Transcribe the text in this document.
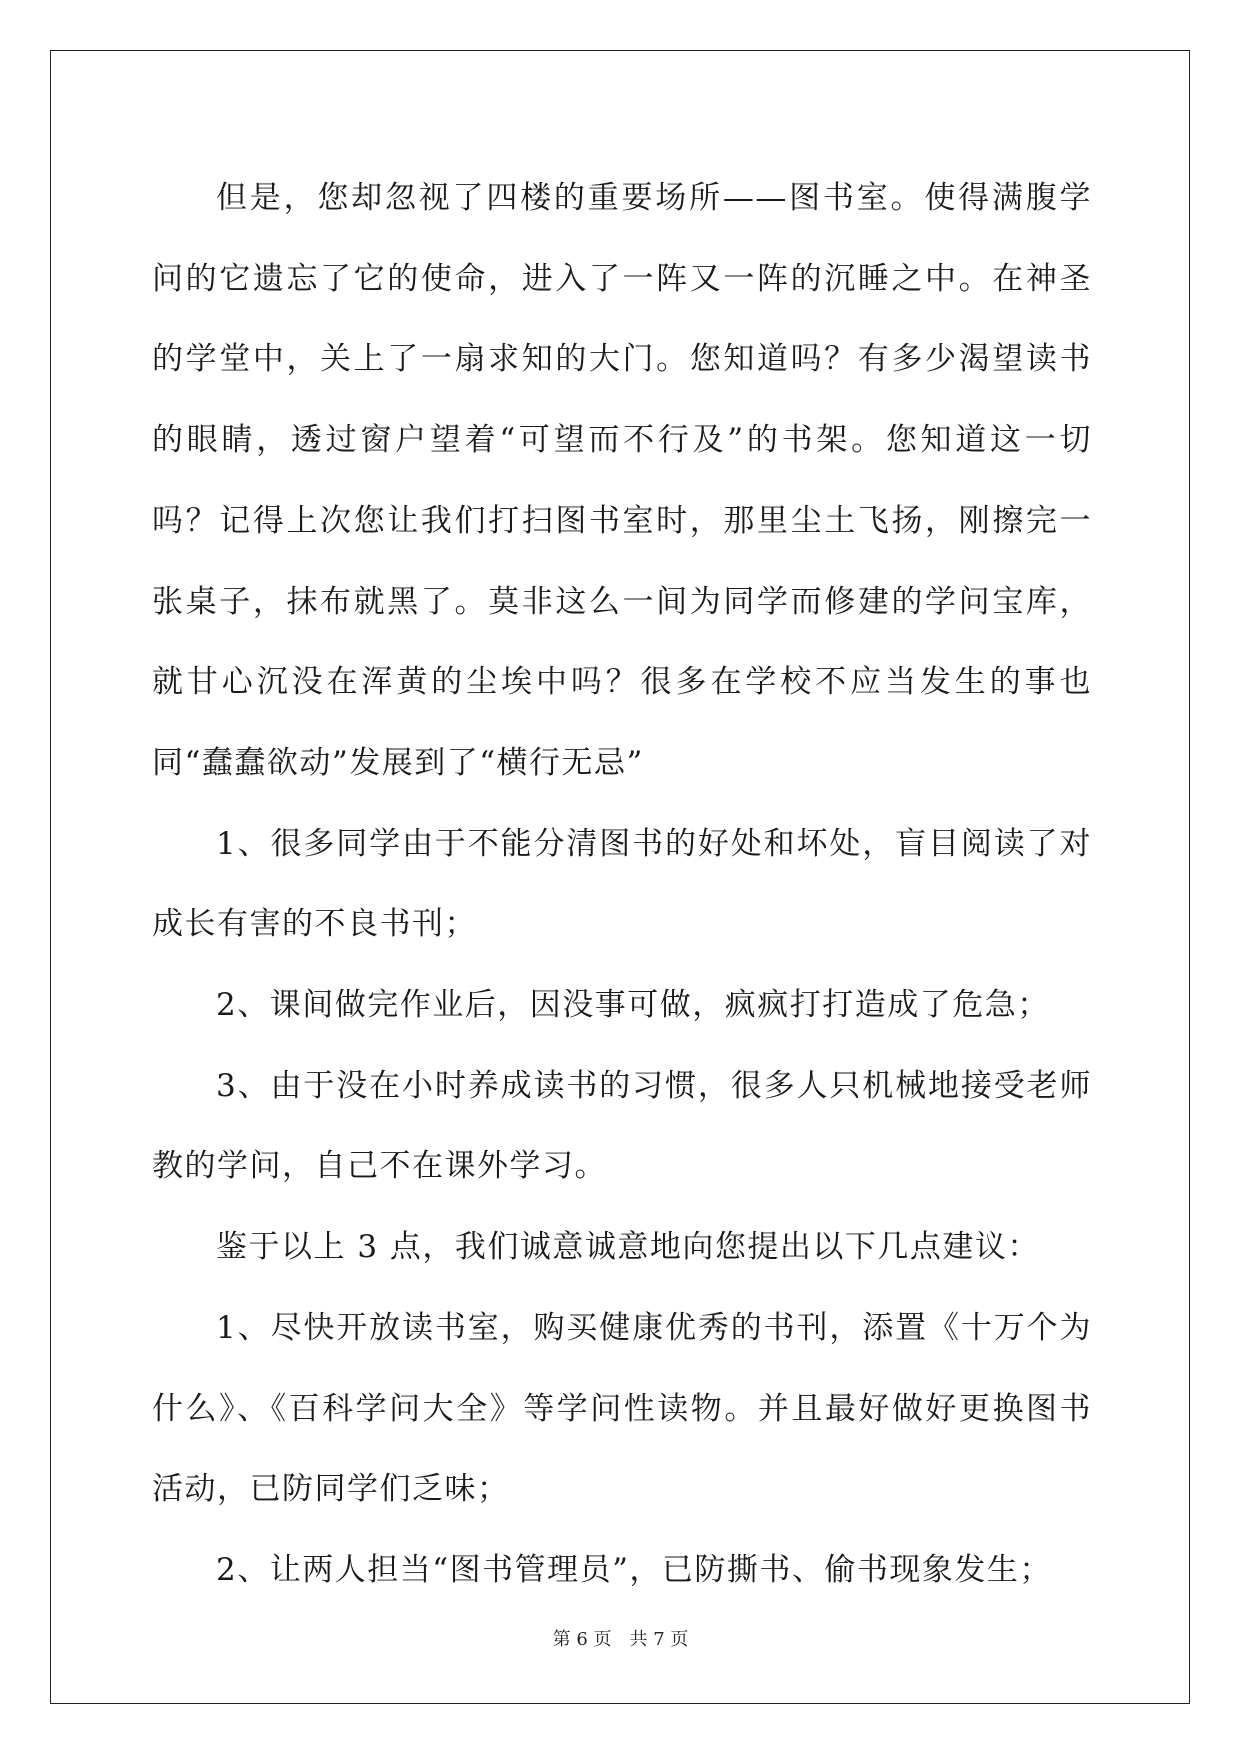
但是，您却忽视了四楼的重要场所——图书室。使得满腹学问的它遗忘了它的使命，进入了一阵又一阵的沉睡之中。在神圣的学堂中，关上了一扇求知的大门。您知道吗？有多少渴望读书的眼睛，透过窗户望着“可望而不行及”的书架。您知道这一切吗？记得上次您让我们打扫图书室时，那里尘土飞扬，刚擦完一张桌子，抹布就黑了。莫非这么一间为同学而修建的学问宝库，就甘心沉没在浑黄的尘埃中吗？很多在学校不应当发生的事也同“蠢蠢欲动”发展到了“横行无忌”

1、很多同学由于不能分清图书的好处和坏处，盲目阅读了对成长有害的不良书刊；

2、课间做完作业后，因没事可做，疯疯打打造成了危急；

3、由于没在小时养成读书的习惯，很多人只机械地接受老师教的学问，自己不在课外学习。

鉴于以上 3 点，我们诚意诚意地向您提出以下几点建议：

1、尽快开放读书室，购买健康优秀的书刊，添置《十万个为什么》、《百科学问大全》等学问性读物。并且最好做好更换图书活动，已防同学们乏味；

2、让两人担当“图书管理员”，已防撕书、偷书现象发生；

第 6 页 共 7 页
